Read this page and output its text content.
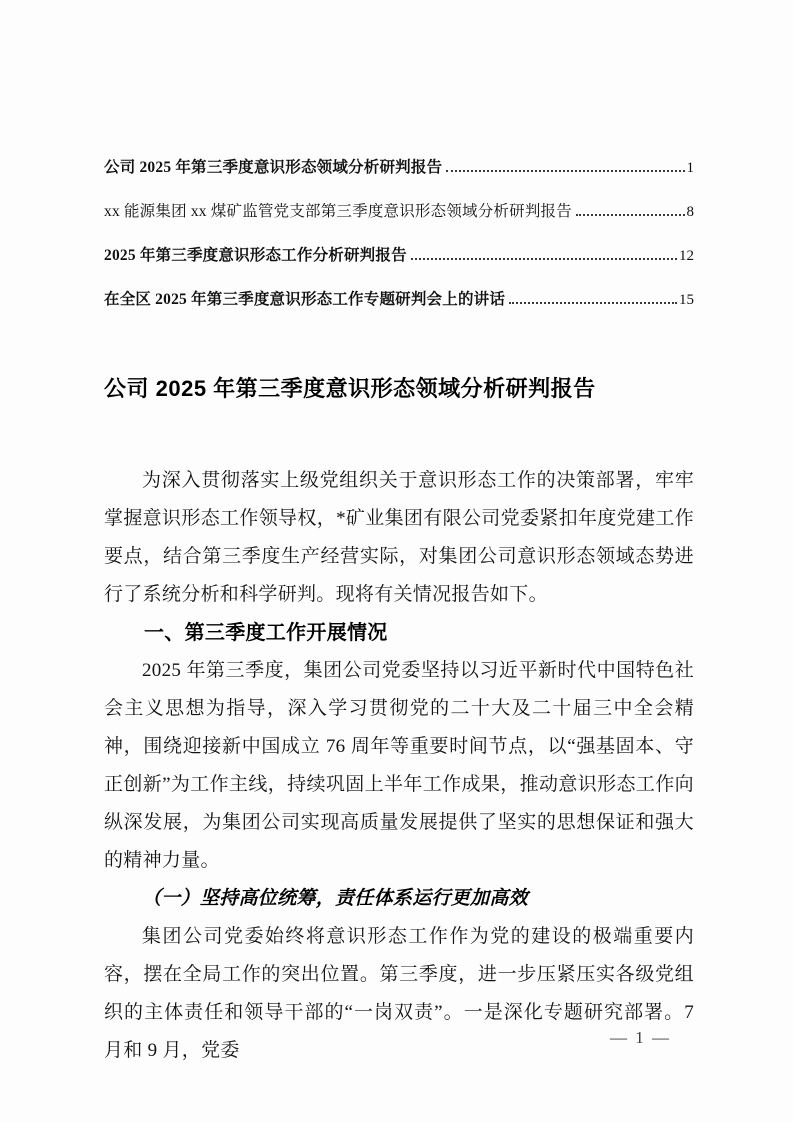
公司 2025 年第三季度意识形态领域分析研判报告	1
xx 能源集团 xx 煤矿监管党支部第三季度意识形态领域分析研判报告	8
2025 年第三季度意识形态工作分析研判报告	12
在全区 2025 年第三季度意识形态工作专题研判会上的讲话	15
公司 2025 年第三季度意识形态领域分析研判报告
为深入贯彻落实上级党组织关于意识形态工作的决策部署，牢牢掌握意识形态工作领导权，*矿业集团有限公司党委紧扣年度党建工作要点，结合第三季度生产经营实际，对集团公司意识形态领域态势进行了系统分析和科学研判。现将有关情况报告如下。
一、第三季度工作开展情况
2025 年第三季度，集团公司党委坚持以习近平新时代中国特色社会主义思想为指导，深入学习贯彻党的二十大及二十届三中全会精神，围绕迎接新中国成立 76 周年等重要时间节点，以“强基固本、守正创新”为工作主线，持续巩固上半年工作成果，推动意识形态工作向纵深发展，为集团公司实现高质量发展提供了坚实的思想保证和强大的精神力量。
（一）坚持高位统筹，责任体系运行更加高效
集团公司党委始终将意识形态工作作为党的建设的极端重要内容，摆在全局工作的突出位置。第三季度，进一步压紧压实各级党组织的主体责任和领导干部的“一岗双责”。一是深化专题研究部署。7 月和 9 月，党委
— 1 —
